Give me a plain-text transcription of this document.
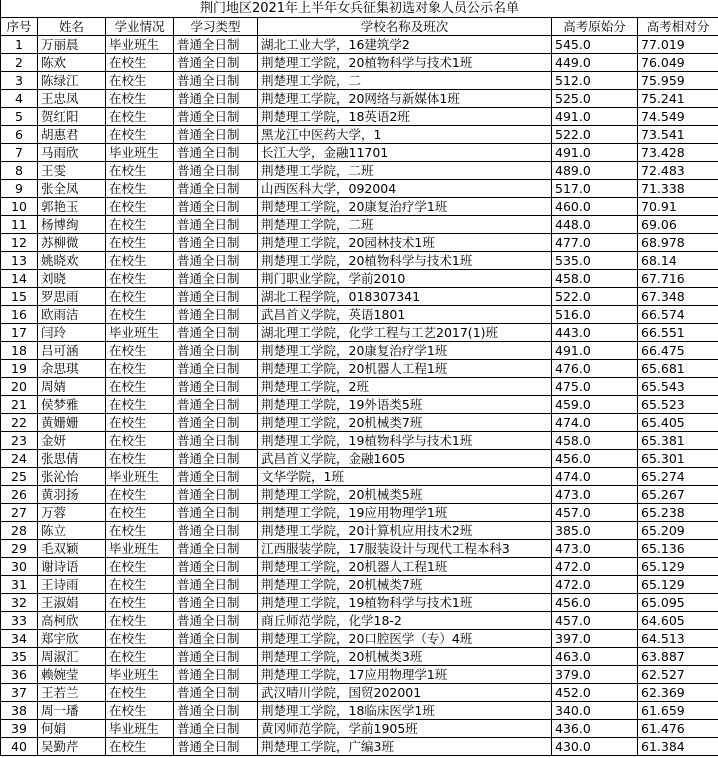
荆门地区2021年上半年女兵征集初选对象人员公示名单						
序号	姓名	学业情况	学习类型	学校名称及班次	高考原始分	高考相对分
1	万丽晨	毕业班生	普通全日制	湖北工业大学，16建筑学2	545.0	77.019
2	陈欢	在校生	普通全日制	荆楚理工学院，20植物科学与技术1班	449.0	76.049
3	陈绿江	在校生	普通全日制	荆楚理工学院，二	512.0	75.959
4	王忠凤	在校生	普通全日制	荆楚理工学院，20网络与新媒体1班	525.0	75.241
5	贺红阳	在校生	普通全日制	荆楚理工学院，18英语2班	491.0	74.549
6	胡惠君	在校生	普通全日制	黑龙江中医药大学，1	522.0	73.541
7	马雨欣	毕业班生	普通全日制	长江大学，金融11701	491.0	73.428
8	王雯	在校生	普通全日制	荆楚理工学院，二班	489.0	72.483
9	张全凤	在校生	普通全日制	山西医科大学，092004	517.0	71.338
10	郭艳玉	在校生	普通全日制	荆楚理工学院，20康复治疗学1班	460.0	70.91
11	杨博绚	在校生	普通全日制	荆楚理工学院，二班	448.0	69.06
12	苏柳微	在校生	普通全日制	荆楚理工学院，20园林技术1班	477.0	68.978
13	姚晓欢	在校生	普通全日制	荆楚理工学院，20植物科学与技术1班	535.0	68.14
14	刘晓	在校生	普通全日制	荆门职业学院，学前2010	458.0	67.716
15	罗思雨	在校生	普通全日制	湖北工程学院，018307341	522.0	67.348
16	欧雨洁	在校生	普通全日制	武昌首义学院，英语1801	516.0	66.574
17	闫玲	毕业班生	普通全日制	湖北理工学院，化学工程与工艺2017(1)班	443.0	66.551
18	吕可涵	在校生	普通全日制	荆楚理工学院，20康复治疗学1班	491.0	66.475
19	余思琪	在校生	普通全日制	荆楚理工学院，20机器人工程1班	476.0	65.681
20	周婧	在校生	普通全日制	荆楚理工学院，2班	475.0	65.543
21	侯梦雅	在校生	普通全日制	荆楚理工学院，19外语类5班	459.0	65.523
22	黄姗姗	在校生	普通全日制	荆楚理工学院，20机械类7班	474.0	65.405
23	金妍	在校生	普通全日制	荆楚理工学院，19植物科学与技术1班	458.0	65.381
24	张思倩	在校生	普通全日制	武昌首义学院，金融1605	456.0	65.301
25	张沁怡	毕业班生	普通全日制	文华学院，1班	474.0	65.274
26	黄羽扬	在校生	普通全日制	荆楚理工学院，20机械类5班	473.0	65.267
27	万蓉	在校生	普通全日制	荆楚理工学院，19应用物理学1班	457.0	65.238
28	陈立	在校生	普通全日制	荆楚理工学院，20计算机应用技术2班	385.0	65.209
29	毛双颖	毕业班生	普通全日制	江西服装学院，17服装设计与现代工程本科3	473.0	65.136
30	谢诗语	在校生	普通全日制	荆楚理工学院，20机器人工程1班	472.0	65.129
31	王诗雨	在校生	普通全日制	荆楚理工学院，20机械类7班	472.0	65.129
32	王淑娟	在校生	普通全日制	荆楚理工学院，19植物科学与技术1班	456.0	65.095
33	高柯欣	在校生	普通全日制	商丘师范学院，化学18-2	457.0	64.605
34	郑宇欣	在校生	普通全日制	荆楚理工学院，20口腔医学（专）4班	397.0	64.513
35	周淑汇	在校生	普通全日制	荆楚理工学院，20机械类3班	463.0	63.887
36	赖婉莹	毕业班生	普通全日制	荆楚理工学院，17应用物理学1班	379.0	62.527
37	王若兰	在校生	普通全日制	武汉晴川学院，国贸202001	452.0	62.369
38	周一璠	在校生	普通全日制	荆楚理工学院，18临床医学1班	340.0	61.659
39	何娟	毕业班生	普通全日制	黄冈师范学院，学前1905班	436.0	61.476
40	吴勤芹	在校生	普通全日制	荆楚理工学院，广编3班	430.0	61.384
